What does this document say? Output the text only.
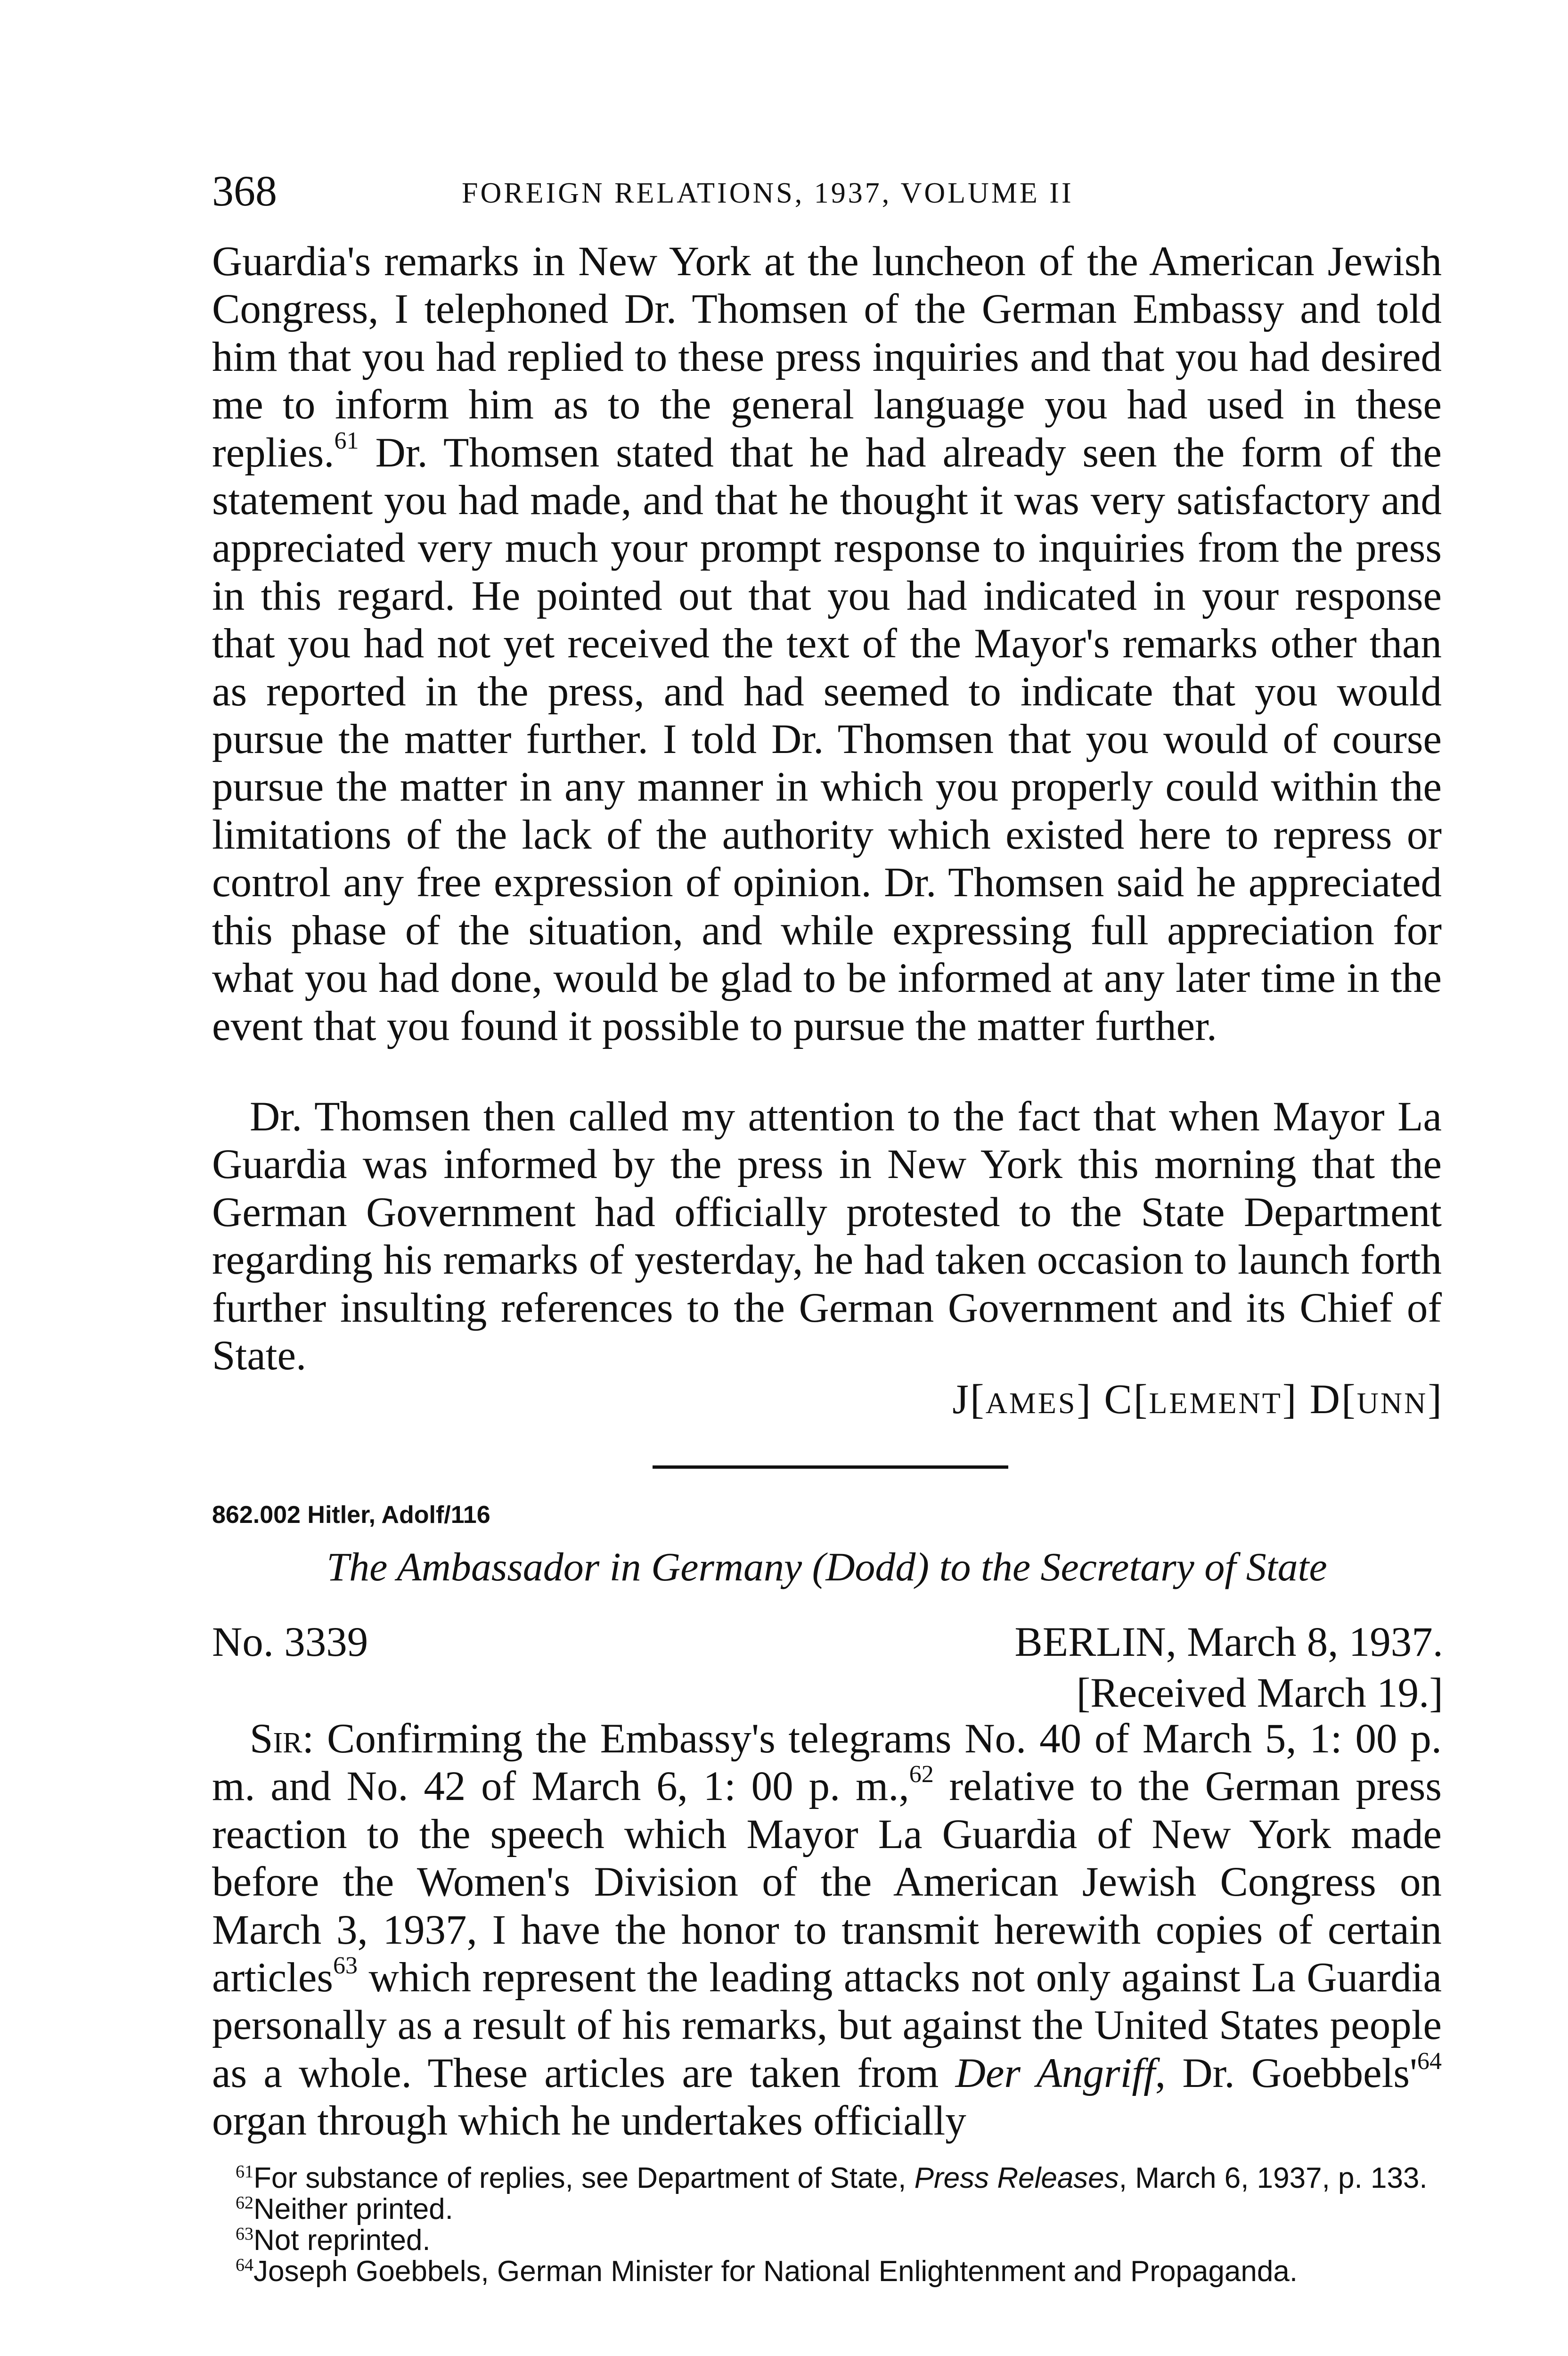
368	FOREIGN RELATIONS, 1937, VOLUME II
Guardia's remarks in New York at the luncheon of the American Jewish Congress, I telephoned Dr. Thomsen of the German Embassy and told him that you had replied to these press inquiries and that you had desired me to inform him as to the general language you had used in these replies.$^{61}$ Dr. Thomsen stated that he had already seen the form of the statement you had made, and that he thought it was very satisfactory and appreciated very much your prompt response to inquiries from the press in this regard. He pointed out that you had indicated in your response that you had not yet received the text of the Mayor's remarks other than as reported in the press, and had seemed to indicate that you would pursue the matter further. I told Dr. Thomsen that you would of course pursue the matter in any manner in which you properly could within the limitations of the lack of the authority which existed here to repress or control any free expression of opinion. Dr. Thomsen said he appreciated this phase of the situation, and while expressing full appreciation for what you had done, would be glad to be informed at any later time in the event that you found it possible to pursue the matter further.
Dr. Thomsen then called my attention to the fact that when Mayor La Guardia was informed by the press in New York this morning that the German Government had officially protested to the State Department regarding his remarks of yesterday, he had taken occasion to launch forth further insulting references to the German Government and its Chief of State.
J[AMES] C[LEMENT] D[UNN]
862.002 Hitler, Adolf/116
The Ambassador in Germany (Dodd) to the Secretary of State
No. 3339	BERLIN, March 8, 1937.
[Received March 19.]
Sir: Confirming the Embassy's telegrams No. 40 of March 5, 1: 00 p. m. and No. 42 of March 6, 1: 00 p. m.,$^{62}$ relative to the German press reaction to the speech which Mayor La Guardia of New York made before the Women's Division of the American Jewish Congress on March 3, 1937, I have the honor to transmit herewith copies of certain articles$^{63}$ which represent the leading attacks not only against La Guardia personally as a result of his remarks, but against the United States people as a whole. These articles are taken from Der Angriff, Dr. Goebbels'$^{64}$ organ through which he undertakes officially

$^{61}$For substance of replies, see Department of State, Press Releases, March 6, 1937, p. 133.

$^{62}$Neither printed.

$^{63}$Not reprinted.

$^{64}$Joseph Goebbels, German Minister for National Enlightenment and Propaganda.
